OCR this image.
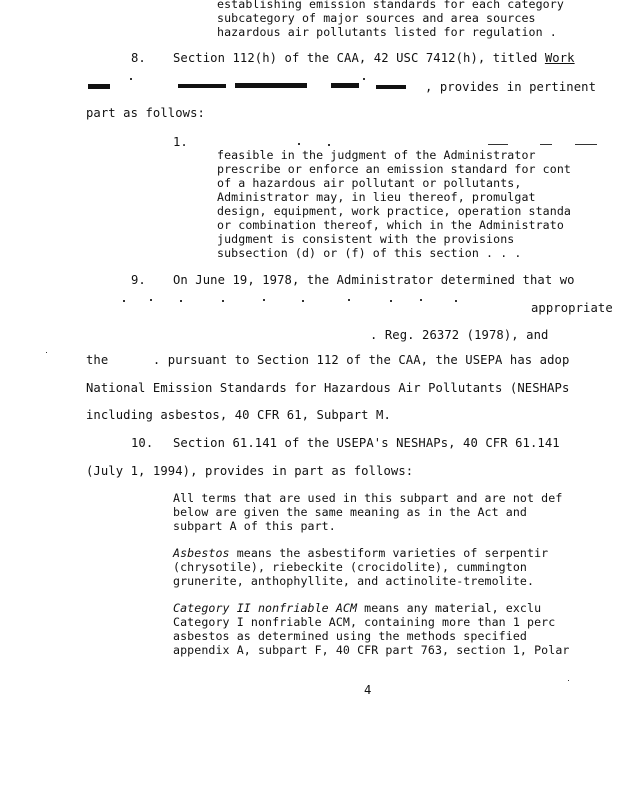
establishing emission standards for each category
subcategory of major sources and area sources
hazardous air pollutants listed for regulation .
8. Section 112(h) of the CAA, 42 USC 7412(h), titled Work
, provides in pertinent
part as follows:
1.
feasible in the judgment of the Administrator
prescribe or enforce an emission standard for cont
of a hazardous air pollutant or pollutants,
Administrator may, in lieu thereof, promulgat
design, equipment, work practice, operation standa
or combination thereof, which in the Administrato
judgment is consistent with the provisions
subsection (d) or (f) of this section . . .
9. On June 19, 1978, the Administrator determined that wo
appropriate
. Reg. 26372 (1978), and
the      . pursuant to Section 112 of the CAA, the USEPA has adop
National Emission Standards for Hazardous Air Pollutants (NESHAPs
including asbestos, 40 CFR 61, Subpart M.
10. Section 61.141 of the USEPA's NESHAPs, 40 CFR 61.141
(July 1, 1994), provides in part as follows:
All terms that are used in this subpart and are not def
below are given the same meaning as in the Act and
subpart A of this part.
Asbestos means the asbestiform varieties of serpentir
(chrysotile), riebeckite (crocidolite), cummington
grunerite, anthophyllite, and actinolite-tremolite.
Category II nonfriable ACM means any material, exclu
Category I nonfriable ACM, containing more than 1 perc
asbestos as determined using the methods specified
appendix A, subpart F, 40 CFR part 763, section 1, Polar
4
